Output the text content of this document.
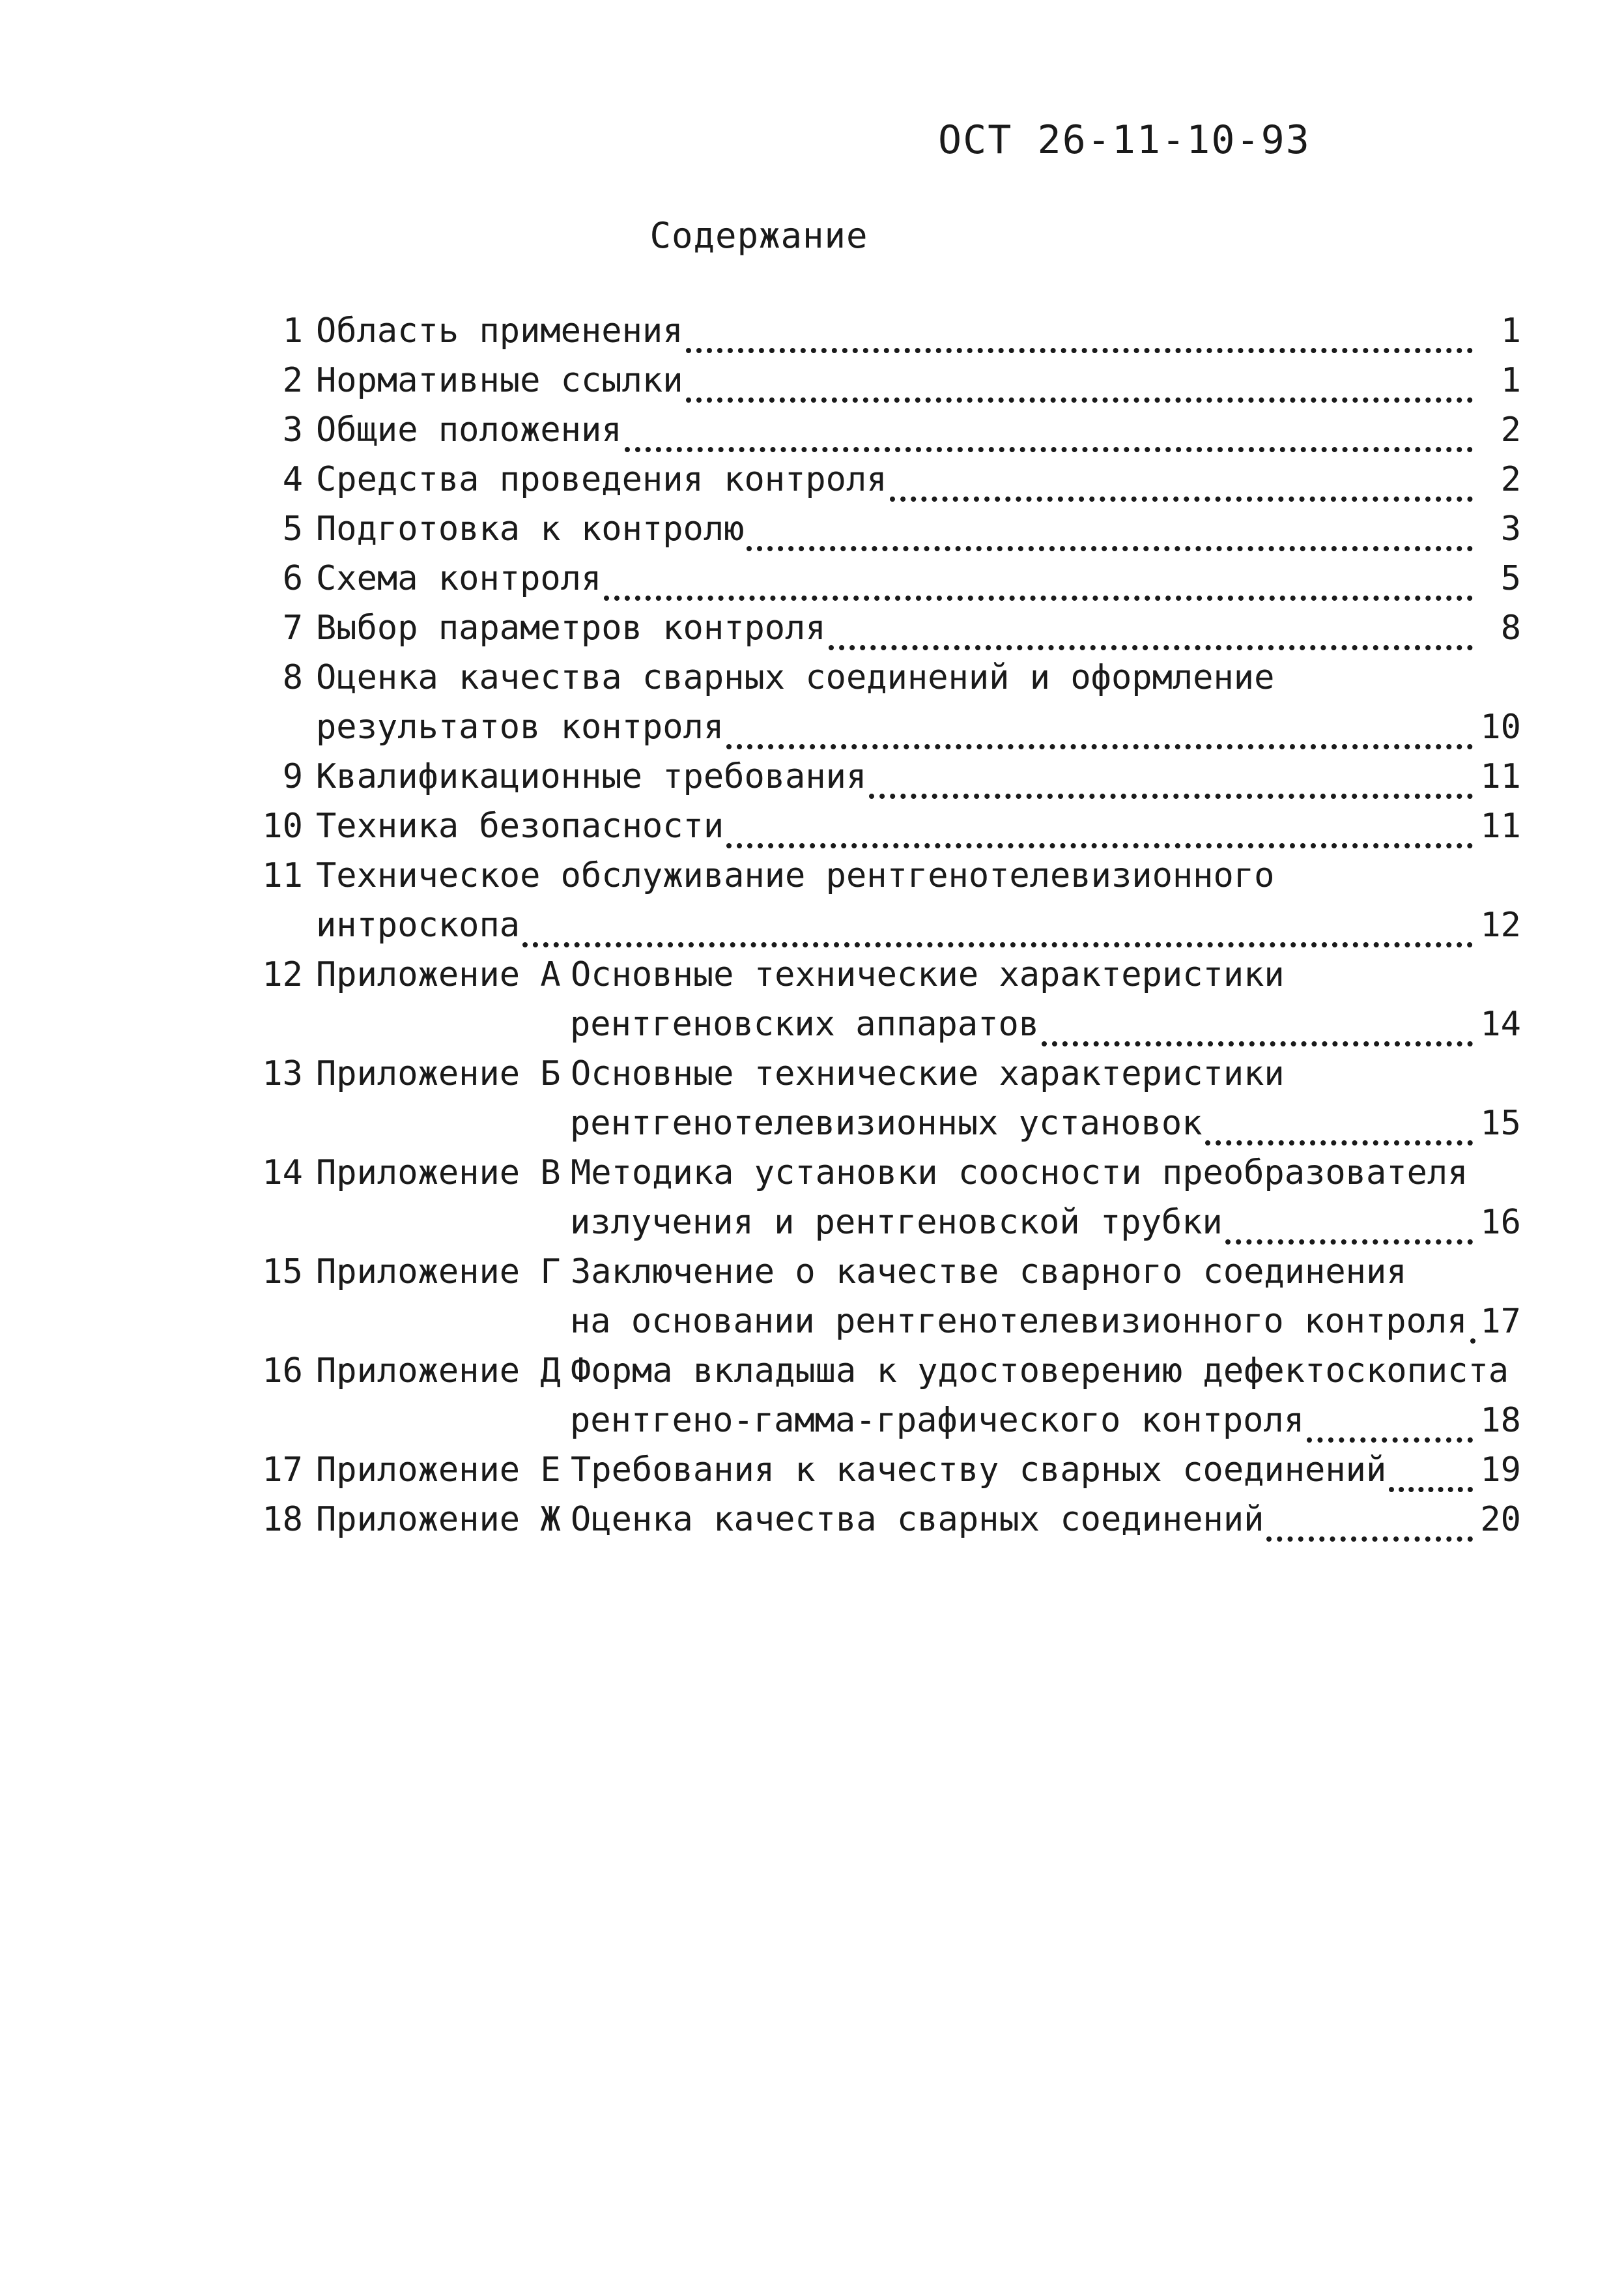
ОСТ 26-11-10-93
Содержание
1 Область применения	1
2 Нормативные ссылки	1
3 Общие положения	2
4 Средства проведения контроля	2
5 Подготовка к контролю	3
6 Схема контроля	5
7 Выбор параметров контроля	8
8 Оценка качества сварных соединений и оформление
результатов контроля	10
9 Квалификационные требования	11
10 Техника безопасности	11
11 Техническое обслуживание рентгенотелевизионного
интроскопа	12
12 Приложение А Основные технические характеристики
рентгеновских аппаратов	14
13 Приложение Б Основные технические характеристики
рентгенотелевизионных установок	15
14 Приложение В Методика установки соосности преобразователя
излучения и рентгеновской трубки	16
15 Приложение Г Заключение о качестве сварного соединения
на основании рентгенотелевизионного контроля 17
16 Приложение Д Форма вкладыша к удостоверению дефектоскописта
рентгено-гамма-графического контроля	18
17 Приложение Е Требования к качеству сварных соединений	19
18 Приложение Ж Оценка качества сварных соединений	20
